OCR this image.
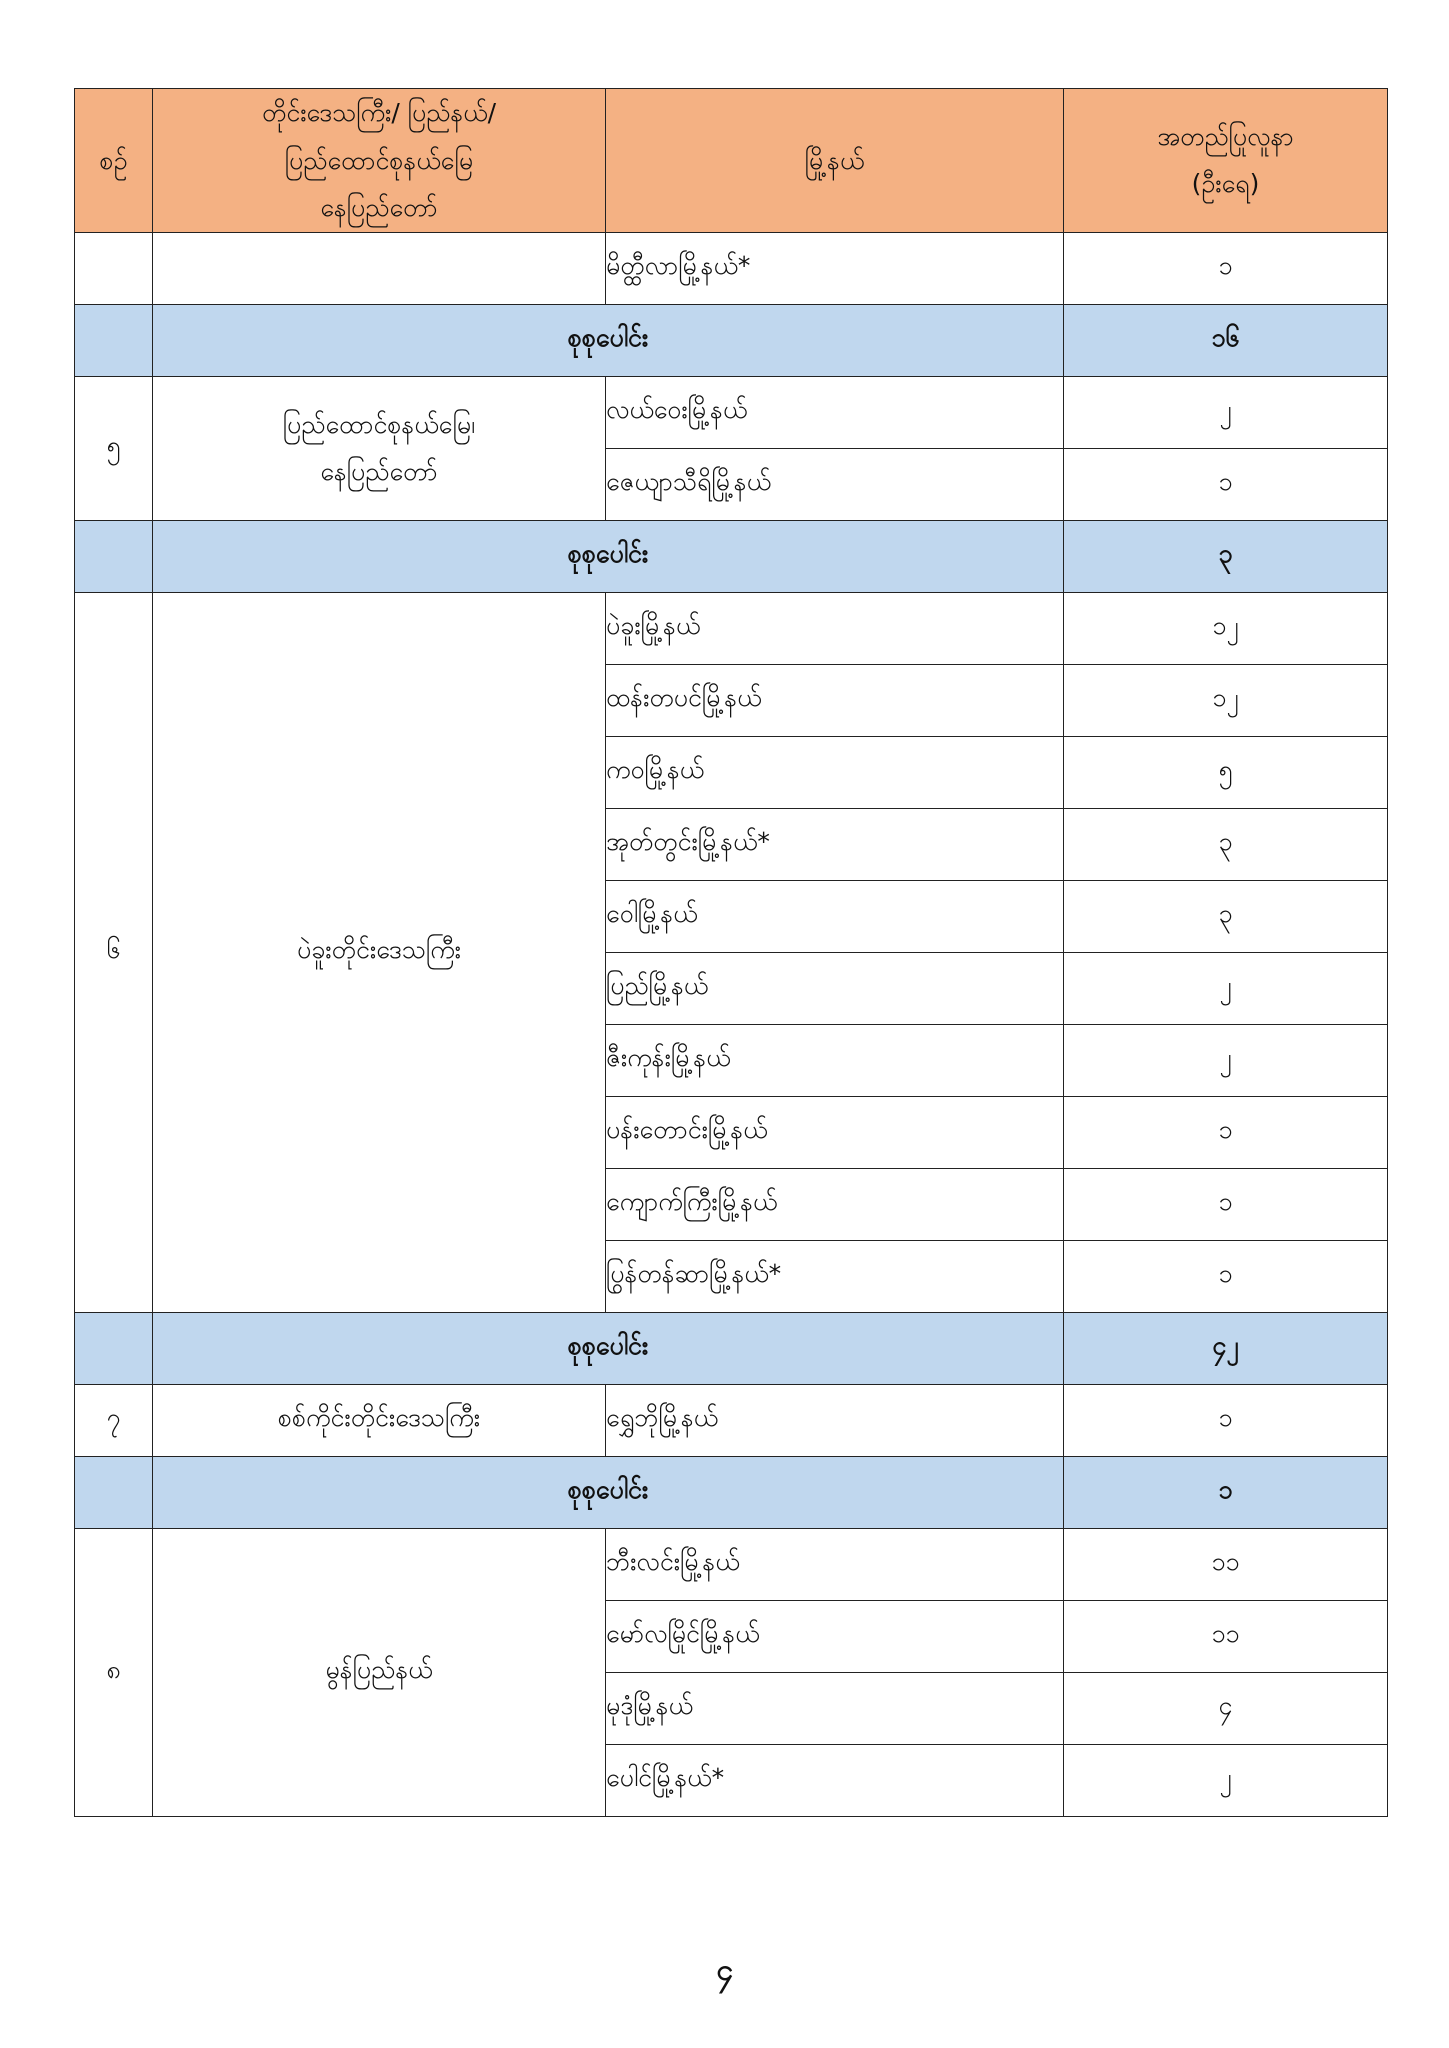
စဉ်	တိုင်းဒေသကြီး/ ပြည်နယ်/
ပြည်ထောင်စုနယ်မြေ
နေပြည်တော်	မြို့နယ်	အတည်ပြုလူနာ
(ဦးရေ)

		မိတ္ထီလာမြို့နယ်*	၁
	စုစုပေါင်း		၁၆
၅	ပြည်ထောင်စုနယ်မြေ၊
နေပြည်တော်	လယ်ဝေးမြို့နယ်	၂
		ဇေယျာသီရိမြို့နယ်	၁
	စုစုပေါင်း		၃
၆	ပဲခူးတိုင်းဒေသကြီး	ပဲခူးမြို့နယ်	၁၂
		ထန်းတပင်မြို့နယ်	၁၂
		ကဝမြို့နယ်	၅
		အုတ်တွင်းမြို့နယ်*	၃
		ဝေါမြို့နယ်	၃
		ပြည်မြို့နယ်	၂
		ဇီးကုန်းမြို့နယ်	၂
		ပန်းတောင်းမြို့နယ်	၁
		ကျောက်ကြီးမြို့နယ်	၁
		ပြွန်တန်ဆာမြို့နယ်*	၁
	စုစုပေါင်း		၄၂
၇	စစ်ကိုင်းတိုင်းဒေသကြီး	ရွှေဘိုမြို့နယ်	၁
	စုစုပေါင်း		၁
၈	မွန်ပြည်နယ်	ဘီးလင်းမြို့နယ်	၁၁
		မော်လမြိုင်မြို့နယ်	၁၁
		မုဒုံမြို့နယ်	၄
		ပေါင်မြို့နယ်*	၂
၄
